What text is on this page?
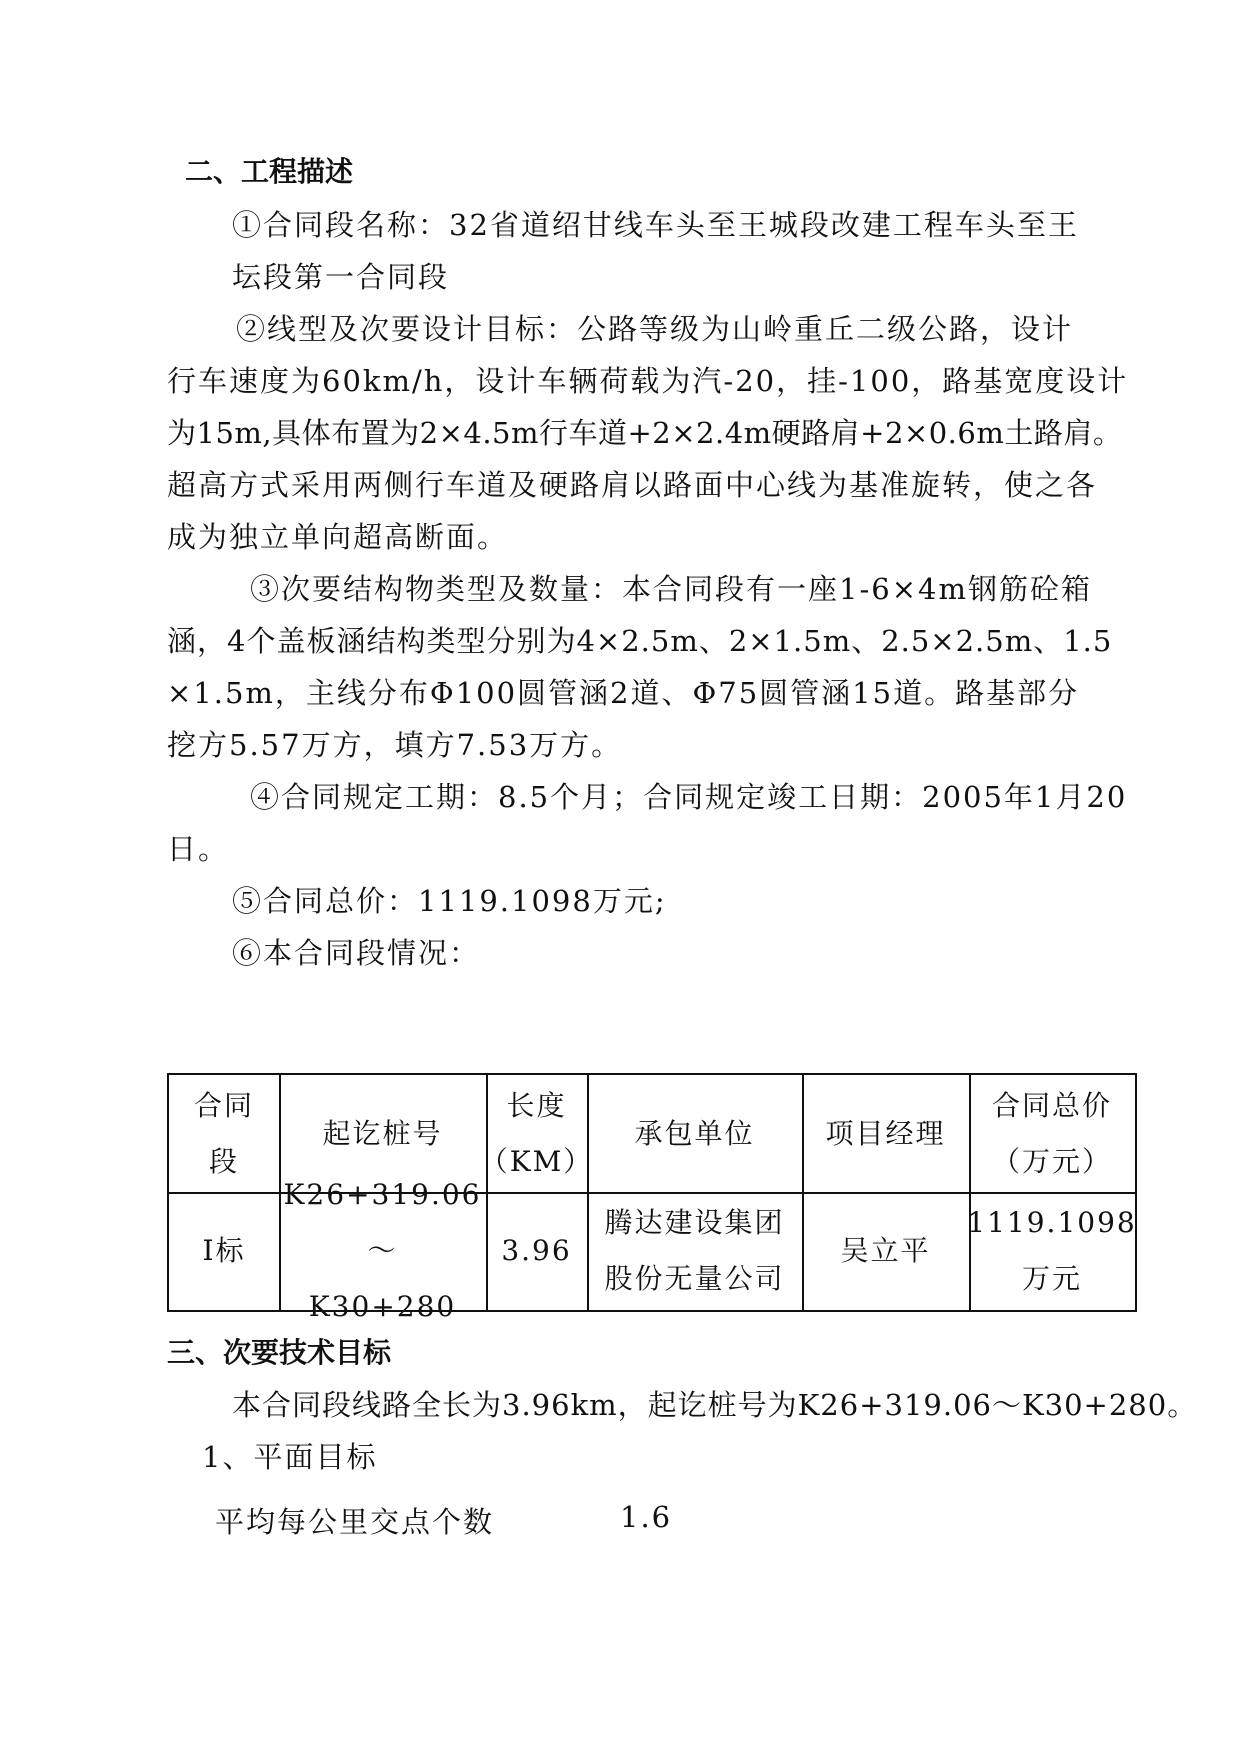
二、工程描述
①合同段名称：32省道绍甘线车头至王城段改建工程车头至王
坛段第一合同段
②线型及次要设计目标：公路等级为山岭重丘二级公路，设计
行车速度为60km/h，设计车辆荷载为汽-20，挂-100，路基宽度设计
为15m,具体布置为2×4.5m行车道+2×2.4m硬路肩+2×0.6m土路肩。
超高方式采用两侧行车道及硬路肩以路面中心线为基准旋转，使之各
成为独立单向超高断面。
③次要结构物类型及数量：本合同段有一座1-6×4m钢筋砼箱
涵，4个盖板涵结构类型分别为4×2.5m、2×1.5m、2.5×2.5m、1.5
×1.5m，主线分布Φ100圆管涵2道、Φ75圆管涵15道。路基部分
挖方5.57万方，填方7.53万方。
④合同规定工期：8.5个月；合同规定竣工日期：2005年1月20
日。
⑤合同总价：1119.1098万元;
⑥本合同段情况：
合同
段
起讫桩号
长度
（KM）
承包单位	项目经理
合同总价
（万元）
Ⅰ标
K26+319.06～
K30+280
3.96
腾达建设集团
股份无量公司
吴立平
1119.1098
万元
三、次要技术目标
本合同段线路全长为3.96km，起讫桩号为K26+319.06～K30+280。
1、平面目标
平均每公里交点个数	1.6
